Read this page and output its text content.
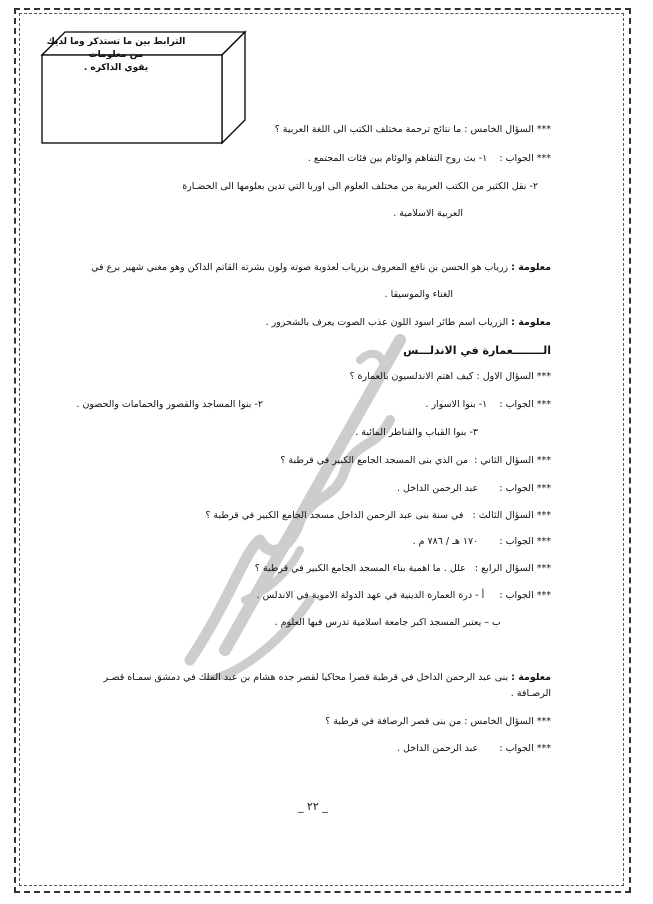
الترابط بين ما تستذكر وما لديك من معلومات
يقوي الذاكره .
*** السؤال الخامس : ما نتائج ترجمة مختلف الكتب الى اللغة العربية ؟
*** الجواب :    ١- بث روح التفاهم والوئام بين فئات المجتمع .
٢- نقل الكثير من الكتب العربية من مختلف العلوم الى اوربا التي تدين بعلومها الى الحضـارة
العربية الاسلامية .
معلومة : زرياب هو الحسن بن نافع المعروف بزرياب لعذوبة صوته ولون بشرته القاتم الداكن وهو مغني شهير برع في
الغناء والموسيقا .
معلومة : الزرياب اسم طائر اسود اللون عذب الصوت يعرف بالشحرور .
الــــــــعمارة في الاندلـــس
*** السؤال الاول : كيف اهتم الاندلسيون بالعمارة ؟
*** الجواب :    ١- بنوا الاسوار .
٢- بنوا المساجد والقصور والحمامات والحصون .
٣- بنوا القباب والقناطر المائية .
*** السؤال الثاني :  من الذي بنى المسجد الجامع الكبير في قرطبة ؟
*** الجواب :       عبد الرحمن الداخل .
*** السؤال الثالث :   في سنة بنى عبد الرحمن الداخل مسجد الجامع الكبير في قرطبة ؟
*** الجواب :       ١٧٠ هـ / ٧٨٦ م .
*** السؤال الرابع :   علل . ما اهمية بناء المسجد الجامع الكبير في قرطبة ؟
*** الجواب :     أ - درة العمارة الدينية في عهد الدولة الاموية في الاندلس .
ب – يعتبر المسجد اكبر جامعة اسلامية تدرس فيها العلوم .
معلومة : بنى عبد الرحمن الداخل في قرطبة قصرا محاكيا لقصر جده هشام بن عبد الملك في دمشق سمـاه قصـر
الرصـافة .
*** السؤال الخامس : من بنى قصر الرصافة في قرطبة ؟
*** الجواب :       عبد الرحمن الداخل .
_ ٢٢ _
